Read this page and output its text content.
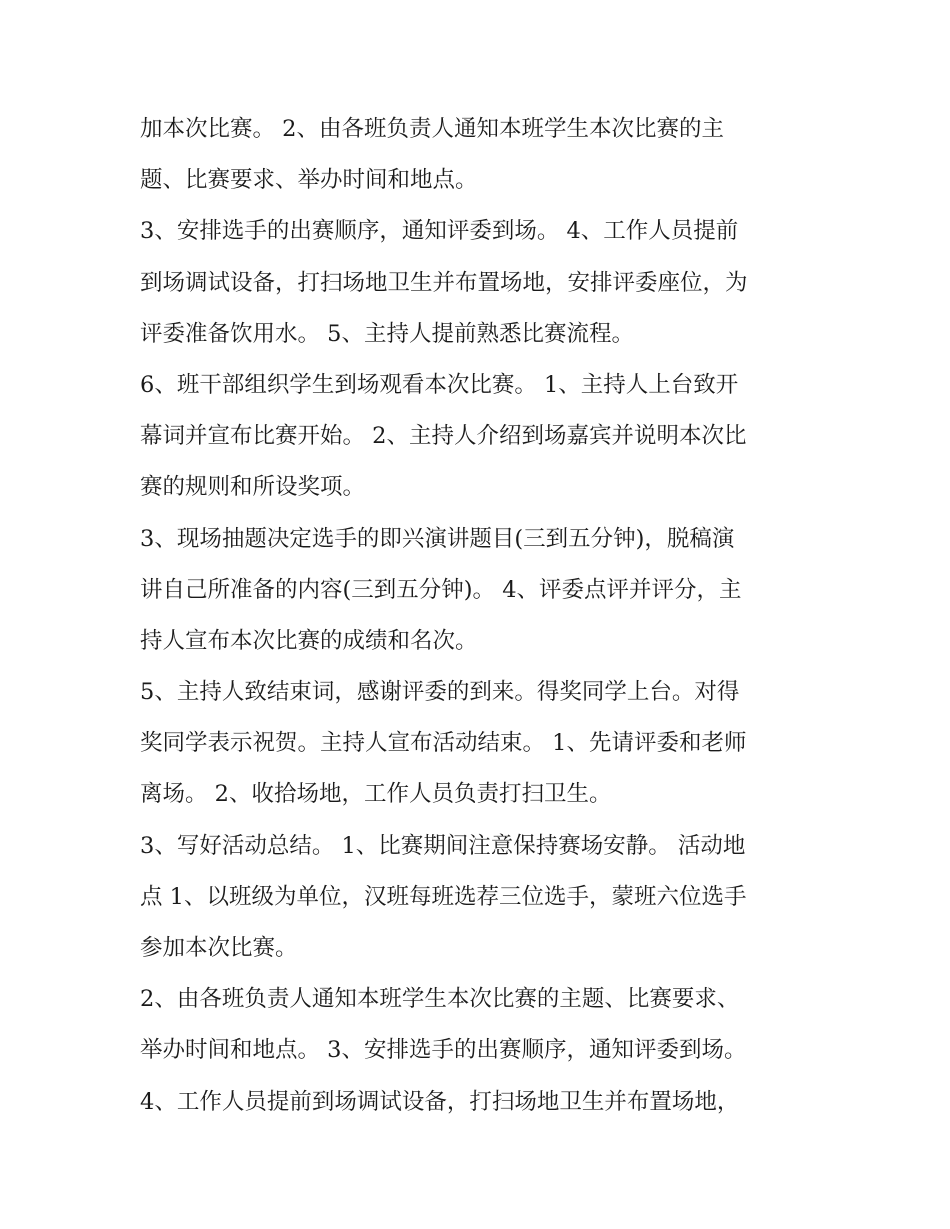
加本次比赛。 2、由各班负责人通知本班学生本次比赛的主

题、比赛要求、举办时间和地点。

3、安排选手的出赛顺序，通知评委到场。 4、工作人员提前

到场调试设备，打扫场地卫生并布置场地，安排评委座位，为

评委准备饮用水。 5、主持人提前熟悉比赛流程。

6、班干部组织学生到场观看本次比赛。 1、主持人上台致开

幕词并宣布比赛开始。 2、主持人介绍到场嘉宾并说明本次比

赛的规则和所设奖项。

3、现场抽题决定选手的即兴演讲题目(三到五分钟)，脱稿演

讲自己所准备的内容(三到五分钟)。 4、评委点评并评分，主

持人宣布本次比赛的成绩和名次。

5、主持人致结束词，感谢评委的到来。得奖同学上台。对得

奖同学表示祝贺。主持人宣布活动结束。 1、先请评委和老师

离场。 2、收拾场地，工作人员负责打扫卫生。

3、写好活动总结。 1、比赛期间注意保持赛场安静。 活动地

点 1、以班级为单位，汉班每班选荐三位选手，蒙班六位选手

参加本次比赛。

2、由各班负责人通知本班学生本次比赛的主题、比赛要求、

举办时间和地点。 3、安排选手的出赛顺序，通知评委到场。

4、工作人员提前到场调试设备，打扫场地卫生并布置场地，
